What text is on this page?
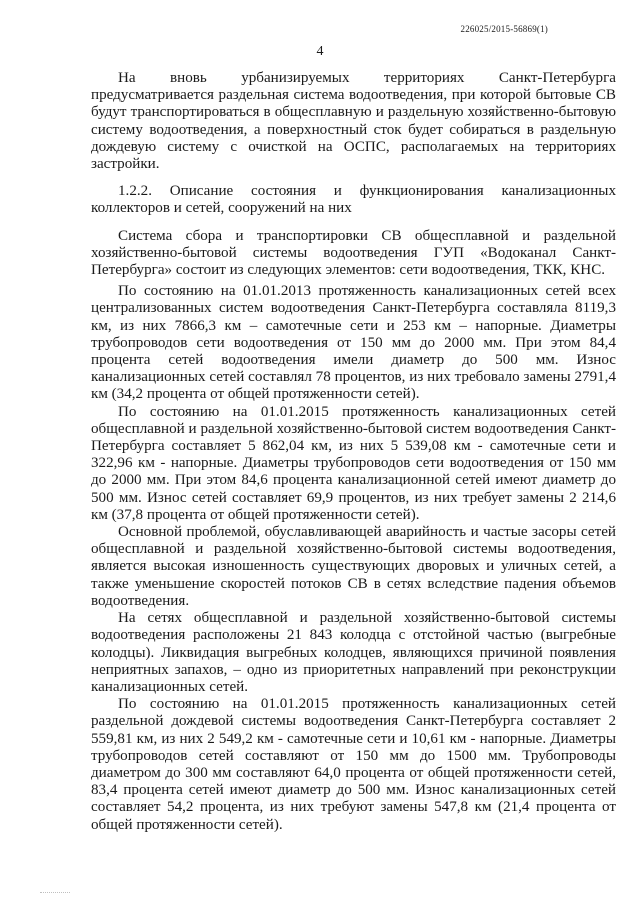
226025/2015-56869(1)
4

На вновь урбанизируемых территориях Санкт-Петербурга предусматривается раздельная система водоотведения, при которой бытовые СВ будут транспортироваться в общесплавную и раздельную хозяйственно-бытовую систему водоотведения, а поверхностный сток будет собираться в раздельную дождевую систему с очисткой на ОСПС, располагаемых на территориях застройки.

1.2.2. Описание состояния и функционирования канализационных коллекторов и сетей, сооружений на них

Система сбора и транспортировки СВ общесплавной и раздельной хозяйственно-бытовой системы водоотведения ГУП «Водоканал Санкт-Петербурга» состоит из следующих элементов: сети водоотведения, ТКК, КНС.

По состоянию на 01.01.2013 протяженность канализационных сетей всех централизованных систем водоотведения Санкт-Петербурга составляла 8119,3 км, из них 7866,3 км – самотечные сети и 253 км – напорные. Диаметры трубопроводов сети водоотведения от 150 мм до 2000 мм. При этом 84,4 процента сетей водоотведения имели диаметр до 500 мм. Износ канализационных сетей составлял 78 процентов, из них требовало замены 2791,4 км (34,2 процента от общей протяженности сетей).

По состоянию на 01.01.2015 протяженность канализационных сетей общесплавной и раздельной хозяйственно-бытовой систем водоотведения Санкт-Петербурга составляет 5 862,04 км, из них 5 539,08 км - самотечные сети и 322,96 км - напорные. Диаметры трубопроводов сети водоотведения от 150 мм до 2000 мм. При этом 84,6 процента канализационной сетей имеют диаметр до 500 мм. Износ сетей составляет 69,9 процентов, из них требует замены 2 214,6 км (37,8 процента от общей протяженности сетей).

Основной проблемой, обуславливающей аварийность и частые засоры сетей общесплавной и раздельной хозяйственно-бытовой системы водоотведения, является высокая изношенность существующих дворовых и уличных сетей, а также уменьшение скоростей потоков СВ в сетях вследствие падения объемов водоотведения.

На сетях общесплавной и раздельной хозяйственно-бытовой системы водоотведения расположены 21 843 колодца с отстойной частью (выгребные колодцы). Ликвидация выгребных колодцев, являющихся причиной появления неприятных запахов, – одно из приоритетных направлений при реконструкции канализационных сетей.

По состоянию на 01.01.2015 протяженность канализационных сетей раздельной дождевой системы водоотведения Санкт-Петербурга составляет 2 559,81 км, из них 2 549,2 км - самотечные сети и 10,61 км - напорные. Диаметры трубопроводов сетей составляют от 150 мм до 1500 мм. Трубопроводы диаметром до 300 мм составляют 64,0 процента от общей протяженности сетей, 83,4 процента сетей имеют диаметр до 500 мм. Износ канализационных сетей составляет 54,2 процента, из них требуют замены 547,8 км (21,4 процента от общей протяженности сетей).
